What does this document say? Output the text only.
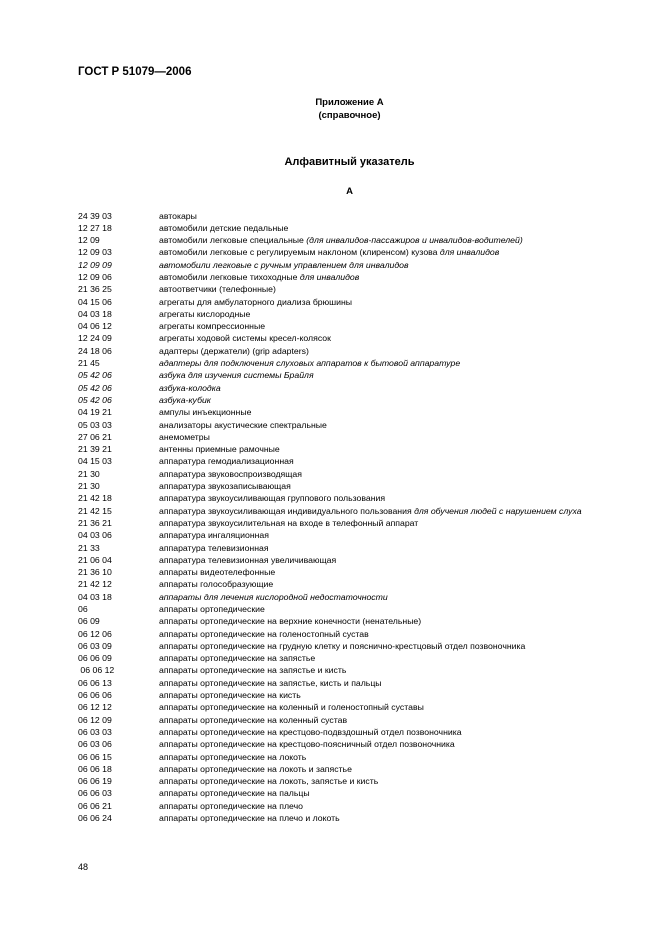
ГОСТ Р 51079—2006
Приложение А
(справочное)
Алфавитный указатель
А
24 39 03	автокары
12 27 18	автомобили детские педальные
12 09	автомобили легковые специальные (для инвалидов-пассажиров и инвалидов-водителей)
12 09 03	автомобили легковые с регулируемым наклоном (клиренсом) кузова для инвалидов
12 09 09	автомобили легковые с ручным управлением для инвалидов
12 09 06	автомобили легковые тихоходные для инвалидов
21 36 25	автоответчики (телефонные)
04 15 06	агрегаты для амбулаторного диализа брюшины
04 03 18	агрегаты кислородные
04 06 12	агрегаты компрессионные
12 24 09	агрегаты ходовой системы кресел-колясок
24 18 06	адаптеры (держатели) (grip adapters)
21 45	адаптеры для подключения слуховых аппаратов к бытовой аппаратуре
05 42 06	азбука для изучения системы Брайля
05 42 06	азбука-колодка
05 42 06	азбука-кубик
04 19 21	ампулы инъекционные
05 03 03	анализаторы акустические спектральные
27 06 21	анемометры
21 39 21	антенны приемные рамочные
04 15 03	аппаратура гемодиализационная
21 30	аппаратура звуковоспроизводящая
21 30	аппаратура звукозаписывающая
21 42 18	аппаратура звукоусиливающая группового пользования
21 42 15	аппаратура звукоусиливающая индивидуального пользования для обучения людей с нарушением слуха
21 36 21	аппаратура звукоусилительная на входе в телефонный аппарат
04 03 06	аппаратура ингаляционная
21 33	аппаратура телевизионная
21 06 04	аппаратура телевизионная увеличивающая
21 36 10	аппараты видеотелефонные
21 42 12	аппараты голособразующие
04 03 18	аппараты для лечения кислородной недостаточности
06	аппараты ортопедические
06 09	аппараты ортопедические на верхние конечности (ненательные)
06 12 06	аппараты ортопедические на голеностопный сустав
06 03 09	аппараты ортопедические на грудную клетку и пояснично-крестцовый отдел позвоночника
06 06 09	аппараты ортопедические на запястье
06 06 12	аппараты ортопедические на запястье и кисть
06 06 13	аппараты ортопедические на запястье, кисть и пальцы
06 06 06	аппараты ортопедические на кисть
06 12 12	аппараты ортопедические на коленный и голеностопный суставы
06 12 09	аппараты ортопедические на коленный сустав
06 03 03	аппараты ортопедические на крестцово-подвздошный отдел позвоночника
06 03 06	аппараты ортопедические на крестцово-поясничный отдел позвоночника
06 06 15	аппараты ортопедические на локоть
06 06 18	аппараты ортопедические на локоть и запястье
06 06 19	аппараты ортопедические на локоть, запястье и кисть
06 06 03	аппараты ортопедические на пальцы
06 06 21	аппараты ортопедические на плечо
06 06 24	аппараты ортопедические на плечо и локоть
48
